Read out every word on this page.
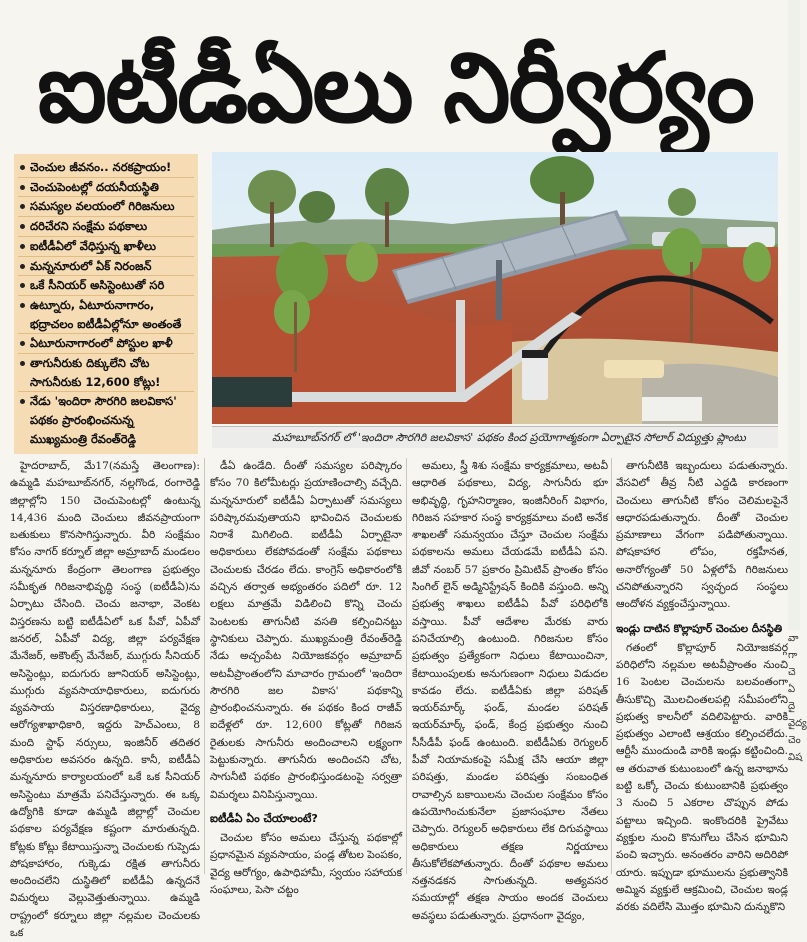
ఐటీడీఏలు నిర్వీర్యం
చెంచుల జీవనం.. నరకప్రాయం!
చెంచుపెంటల్లో దయనీయస్థితి
సమస్యల వలయంలో గిరిజనులు
దరిచేరని సంక్షేమ పథకాలు
ఐటీడీఏలో వేధిస్తున్న ఖాళీలు
మన్ననూరులో ఏక్ నిరంజన్
ఒకే సీనియర్ అసిస్టెంటుతో సరి
ఉట్నూరు, ఏటూరునాగారం,
భద్రాచలం ఐటీడీఏల్లోనూ అంతంతే
ఏటూరునాగారంలో పోస్టుల ఖాళీ
తాగునీరుకు దిక్కులేని చోట
సాగునీరుకు 12,600 కోట్లు!
నేడు 'ఇందిరా సౌరగిరి జలవికాస'
పథకం ప్రారంభించనున్న
ముఖ్యమంత్రి రేవంత్‌రెడ్డి	మహబూబ్‌నగర్ లో 'ఇందిరా సౌరగిరి జలవికాస' పథకం కింద ప్రయోగాత్మకంగా ఏర్పాటైన సోలార్ విద్యుత్తు ప్లాంటు

హైదరాబాద్, మే17(నమస్తే తెలంగాణ): ఉమ్మడి మహబూబ్‌నగర్, నల్లగొండ, రంగారెడ్డి జిల్లాల్లోని 150 చెంచుపెంటల్లో ఉంటున్న 14,436 మంది చెంచులు జీవనప్రాయంగా బతుకులు కొనసాగిస్తున్నారు. వీరి సంక్షేమం కోసం నాగర్ కర్నూల్ జిల్లా అమ్రాబాద్ మండలం మన్ననూరు కేంద్రంగా తెలంగాణ ప్రభుత్వం సమీకృత గిరిజనాభివృద్ధి సంస్థ (ఐటీడీఏ)ను ఏర్పాటు చేసింది. చెంచు జనాభా, వెంకట విస్తరణను బట్టి ఐటీడీఏలో ఒక పీవో, ఏపీవో జనరల్, ఏపీవో విద్య, జిల్లా పర్యవేక్షణ మేనేజర్, అకౌంట్స్ మేనేజర్, ముగ్గురు సీనియర్ అసిస్టెంట్లు, ఐదుగురు జూనియర్ అసిస్టెంట్లు, ముగ్గురు వ్యవసాయాధికారులు, ఐదుగురు వ్యవసాయ విస్తరణాధికారులు, వైద్య ఆరోగ్యశాఖాధికారి, ఇద్దరు హెచ్‌ఎంలు, 8 మంది స్టాఫ్ నర్సులు, ఇంజినీర్ తదితర అధికారుల అవసరం ఉన్నది. కానీ, ఐటీడీఏ మన్ననూరు కార్యాలయంలో ఒకే ఒక సీనియర్ అసిస్టెంటు మాత్రమే పనిచేస్తున్నారు. ఈ ఒక్క ఉద్యోగికి కూడా ఉమ్మడి జిల్లాల్లో చెంచుల పథకాల పర్యవేక్షణ కష్టంగా మారుతున్నది. కోట్లకు కోట్లు కేటాయిస్తున్నా చెంచులకు గుప్పెడు పోషకాహారం, గుక్కెడు రక్షిత తాగునీరు అందించలేని దుస్థితిలో ఐటీడీఏ ఉన్నదనే విమర్శలు వెల్లువెత్తుతున్నాయి. ఉమ్మడి రాష్ట్రంలో కర్నూలు జిల్లా నల్లమల చెంచులకు ఒక

డీఏ ఉండేది. దీంతో సమస్యల పరిష్కారం కోసం 70 కిలోమీటర్లు ప్రయాణించాల్సి వచ్చేది. మన్ననూరులో ఐటీడీఏ ఏర్పాటుతో సమస్యలు పరిష్కారమవుతాయని భావించిన చెంచులకు నిరాశే మిగిలింది. ఐటీడీఏ ఏర్పాటైనా అధికారులు లేకపోవడంతో సంక్షేమ పథకాలు చెంచులకు చేరడం లేదు. కాంగ్రెస్ అధికారంలోకి వచ్చిన తర్వాత అభ్యంతరం పదిలో రూ. 12 లక్షలు మాత్రమే విడిలించి కొన్ని చెంచు పెంటలకు తాగునీటి వసతి కల్పించినట్టు స్థానికులు చెప్పారు. ముఖ్యమంత్రి రేవంత్‌రెడ్డి నేడు అచ్చంపేట నియోజకవర్గం అమ్రాబాద్ అటవీప్రాంతంలోని మాచారం గ్రామంలో 'ఇందిరా సౌరగిరి జల వికాస' పథకాన్ని ప్రారంభించనున్నారు. ఈ పథకం కింద రాజీవ్ ఐదేళ్లలో రూ. 12,600 కోట్లతో గిరిజన రైతులకు సాగునీరు అందించాలని లక్ష్యంగా పెట్టుకున్నారు. తాగునీరు అందించని చోట, సాగునీటి పథకం ప్రారంభిస్తుండటంపై సర్వత్రా విమర్శలు వినిపిస్తున్నాయి.

ఐటీడీఏ ఏం చేయాలంటే?

చెంచుల కోసం అమలు చేస్తున్న పథకాల్లో ప్రధానమైన వ్యవసాయం, పండ్ల తోటల పెంపకం, వైద్య ఆరోగ్యం, ఉపాధిహామీ, స్వయం సహాయక సంఘాలు, పెసా చట్టం

అమలు, స్త్రీ శిశు సంక్షేమ కార్యక్రమాలు, అటవీ ఆధారిత పథకాలు, విద్య, సాగునీరు భూ అభివృద్ధి, గృహనిర్మాణం, ఇంజినీరింగ్ విభాగం, గిరిజన సహకార సంస్థ కార్యక్రమాలు వంటి అనేక శాఖలతో సమన్వయం చేస్తూ చెంచుల సంక్షేమ పథకాలను అమలు చేయడమే ఐటీడీఏ పని. జీవో నంబర్ 57 ప్రకారం ప్రిమిటివ్ ప్రాంతం కోసం సింగిల్ లైన్ అడ్మినిస్ట్రేషన్ కిందికి వస్తుంది. అన్ని ప్రభుత్వ శాఖలు ఐటీడీఏ పీవో పరిధిలోకి వస్తాయి. పీవో ఆదేశాల మేరకు వారు పనిచేయాల్సి ఉంటుంది. గిరిజనుల కోసం ప్రభుత్వం ప్రత్యేకంగా నిధులు కేటాయించినా, కేటాయింపులకు అనుగుణంగా నిధులు విడుదల కావడం లేదు. ఐటీడీఏకు జిల్లా పరిషత్ ఇయర్‌మార్క్ ఫండ్, మండల పరిషత్ ఇయర్‌మార్క్ ఫండ్, కేంద్ర ప్రభుత్వం నుంచి సీసీడీపీ ఫండ్ ఉంటుంది. ఐటీడీఏకు రెగ్యులర్ పీవో నియామకంపై సమీక్ష చేసి ఆయా జిల్లా పరిషత్తు, మండల పరిషత్తు సంబంధిత రావాల్సిన బకాయిలను చెంచుల సంక్షేమం కోసం ఉపయోగించుకునేలా ప్రజాసంఘాల నేతలు చెప్పారు. రెగ్యులర్ అధికారులు లేక దిగువస్థాయి అధికారులు తక్షణ నిర్ణయాలు తీసుకోలేకపోతున్నారు. దీంతో పథకాల అమలు నత్తనడకన సాగుతున్నది. అత్యవసర సమయాల్లో తక్షణ సాయం అందక చెంచులు అవస్థలు పడుతున్నారు. ప్రధానంగా వైద్యం,

తాగునీటికి ఇబ్బందులు పడుతున్నారు. వేసవిలో తీవ్ర నీటి ఎద్దడి కారణంగా చెంచులు తాగునీటి కోసం చెలిమలపైనే ఆధారపడుతున్నారు. దీంతో చెంచుల ప్రమాణాలు వేగంగా పడిపోతున్నాయి. పోషకాహార లోపం, రక్తహీనత, అనారోగ్యంతో 50 ఏళ్లలోపే గిరిజనులు చనిపోతున్నారని స్వచ్ఛంద సంస్థలు ఆందోళన వ్యక్తంచేస్తున్నాయి.

ఇండ్లు దాటిన కొల్లాపూర్ చెంచుల దీనస్థితి

గతంలో కొల్లాపూర్ నియోజకవర్గ పరిధిలోని నల్లమల అటవీప్రాంతం నుంచి 16 పెంటల చెంచులను బలవంతంగా తీసుకొచ్చి మొలచింతలపల్లి సమీపంలోని ప్రభుత్వ కాలనీలో వదిలిపెట్టారు. వారికి ప్రభుత్వం ఎలాంటి ఆశ్రయం కల్పించలేదు. ఆర్టీసీ ముందుండి వారికి ఇండ్లు కట్టించింది. ఆ తరువాత కుటుంబంలో ఉన్న జనాభాను బట్టి ఒక్కో చెంచు కుటుంబానికి ప్రభుత్వం 3 నుంచి 5 ఎకరాల చొప్పున పోడు పట్టాలు ఇచ్చింది. ఇంకొందరికి ప్రైవేటు వ్యక్తుల నుంచి కొనుగోలు చేసిన భూమిని పంచి ఇచ్చారు. అనంతరం వారిని అదిరిపో యారు. ఇప్పుడా భూములను ప్రభుత్వానికి అమ్మిన వ్యక్తులే ఆక్రమించి, చెంచుల ఇండ్ల వరకు వదిలేసి మొత్తం భూమిని దున్నుకొని

వా
గా
చె
ఏ
దై
వైద్య
చెం
విష
